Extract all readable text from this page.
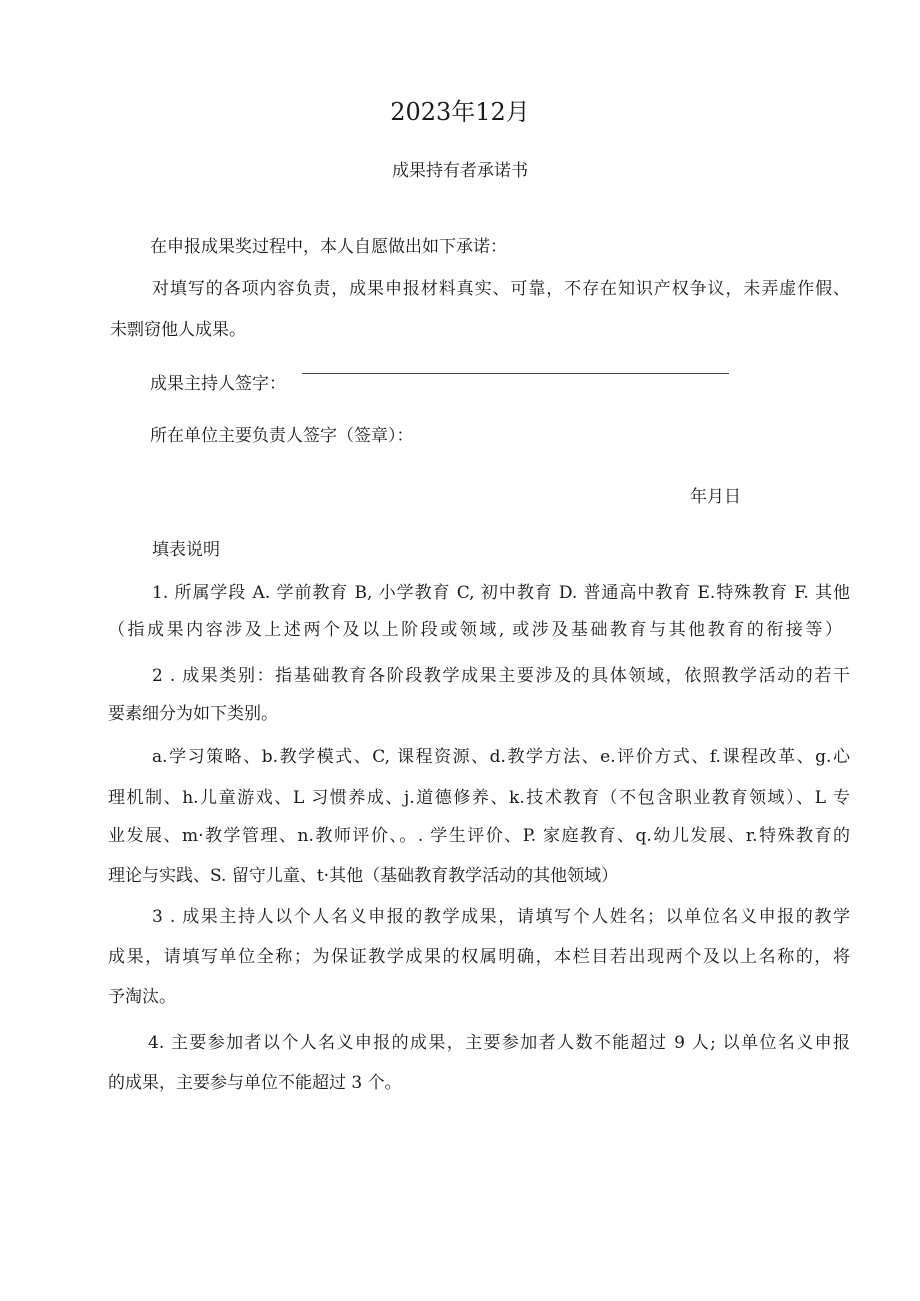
2023年12月

成果持有者承诺书

在申报成果奖过程中，本人自愿做出如下承诺：

对填写的各项内容负责，成果申报材料真实、可靠，不存在知识产权争议，未弄虚作假、

未剽窃他人成果。

成果主持人签字：

所在单位主要负责人签字（签章）：

年月日

填表说明

1. 所属学段 A. 学前教育 B, 小学教育 C, 初中教育 D. 普通高中教育 E.特殊教育 F. 其他

（指成果内容涉及上述两个及以上阶段或领域, 或涉及基础教育与其他教育的衔接等）

2 . 成果类别：指基础教育各阶段教学成果主要涉及的具体领域，依照教学活动的若干

要素细分为如下类别。

a.学习策略、b.教学模式、C, 课程资源、d.教学方法、e.评价方式、f.课程改革、g.心

理机制、h.儿童游戏、L 习惯养成、j.道德修养、k.技术教育（不包含职业教育领域）、L 专

业发展、m·教学管理、n.教师评价、。. 学生评价、P. 家庭教育、q.幼儿发展、r.特殊教育的

理论与实践、S. 留守儿童、t·其他（基础教育教学活动的其他领域）

3 . 成果主持人以个人名义申报的教学成果，请填写个人姓名；以单位名义申报的教学

成果，请填写单位全称；为保证教学成果的权属明确，本栏目若出现两个及以上名称的，将

予淘汰。

4. 主要参加者以个人名义申报的成果，主要参加者人数不能超过 9 人; 以单位名义申报

的成果，主要参与单位不能超过 3 个。
